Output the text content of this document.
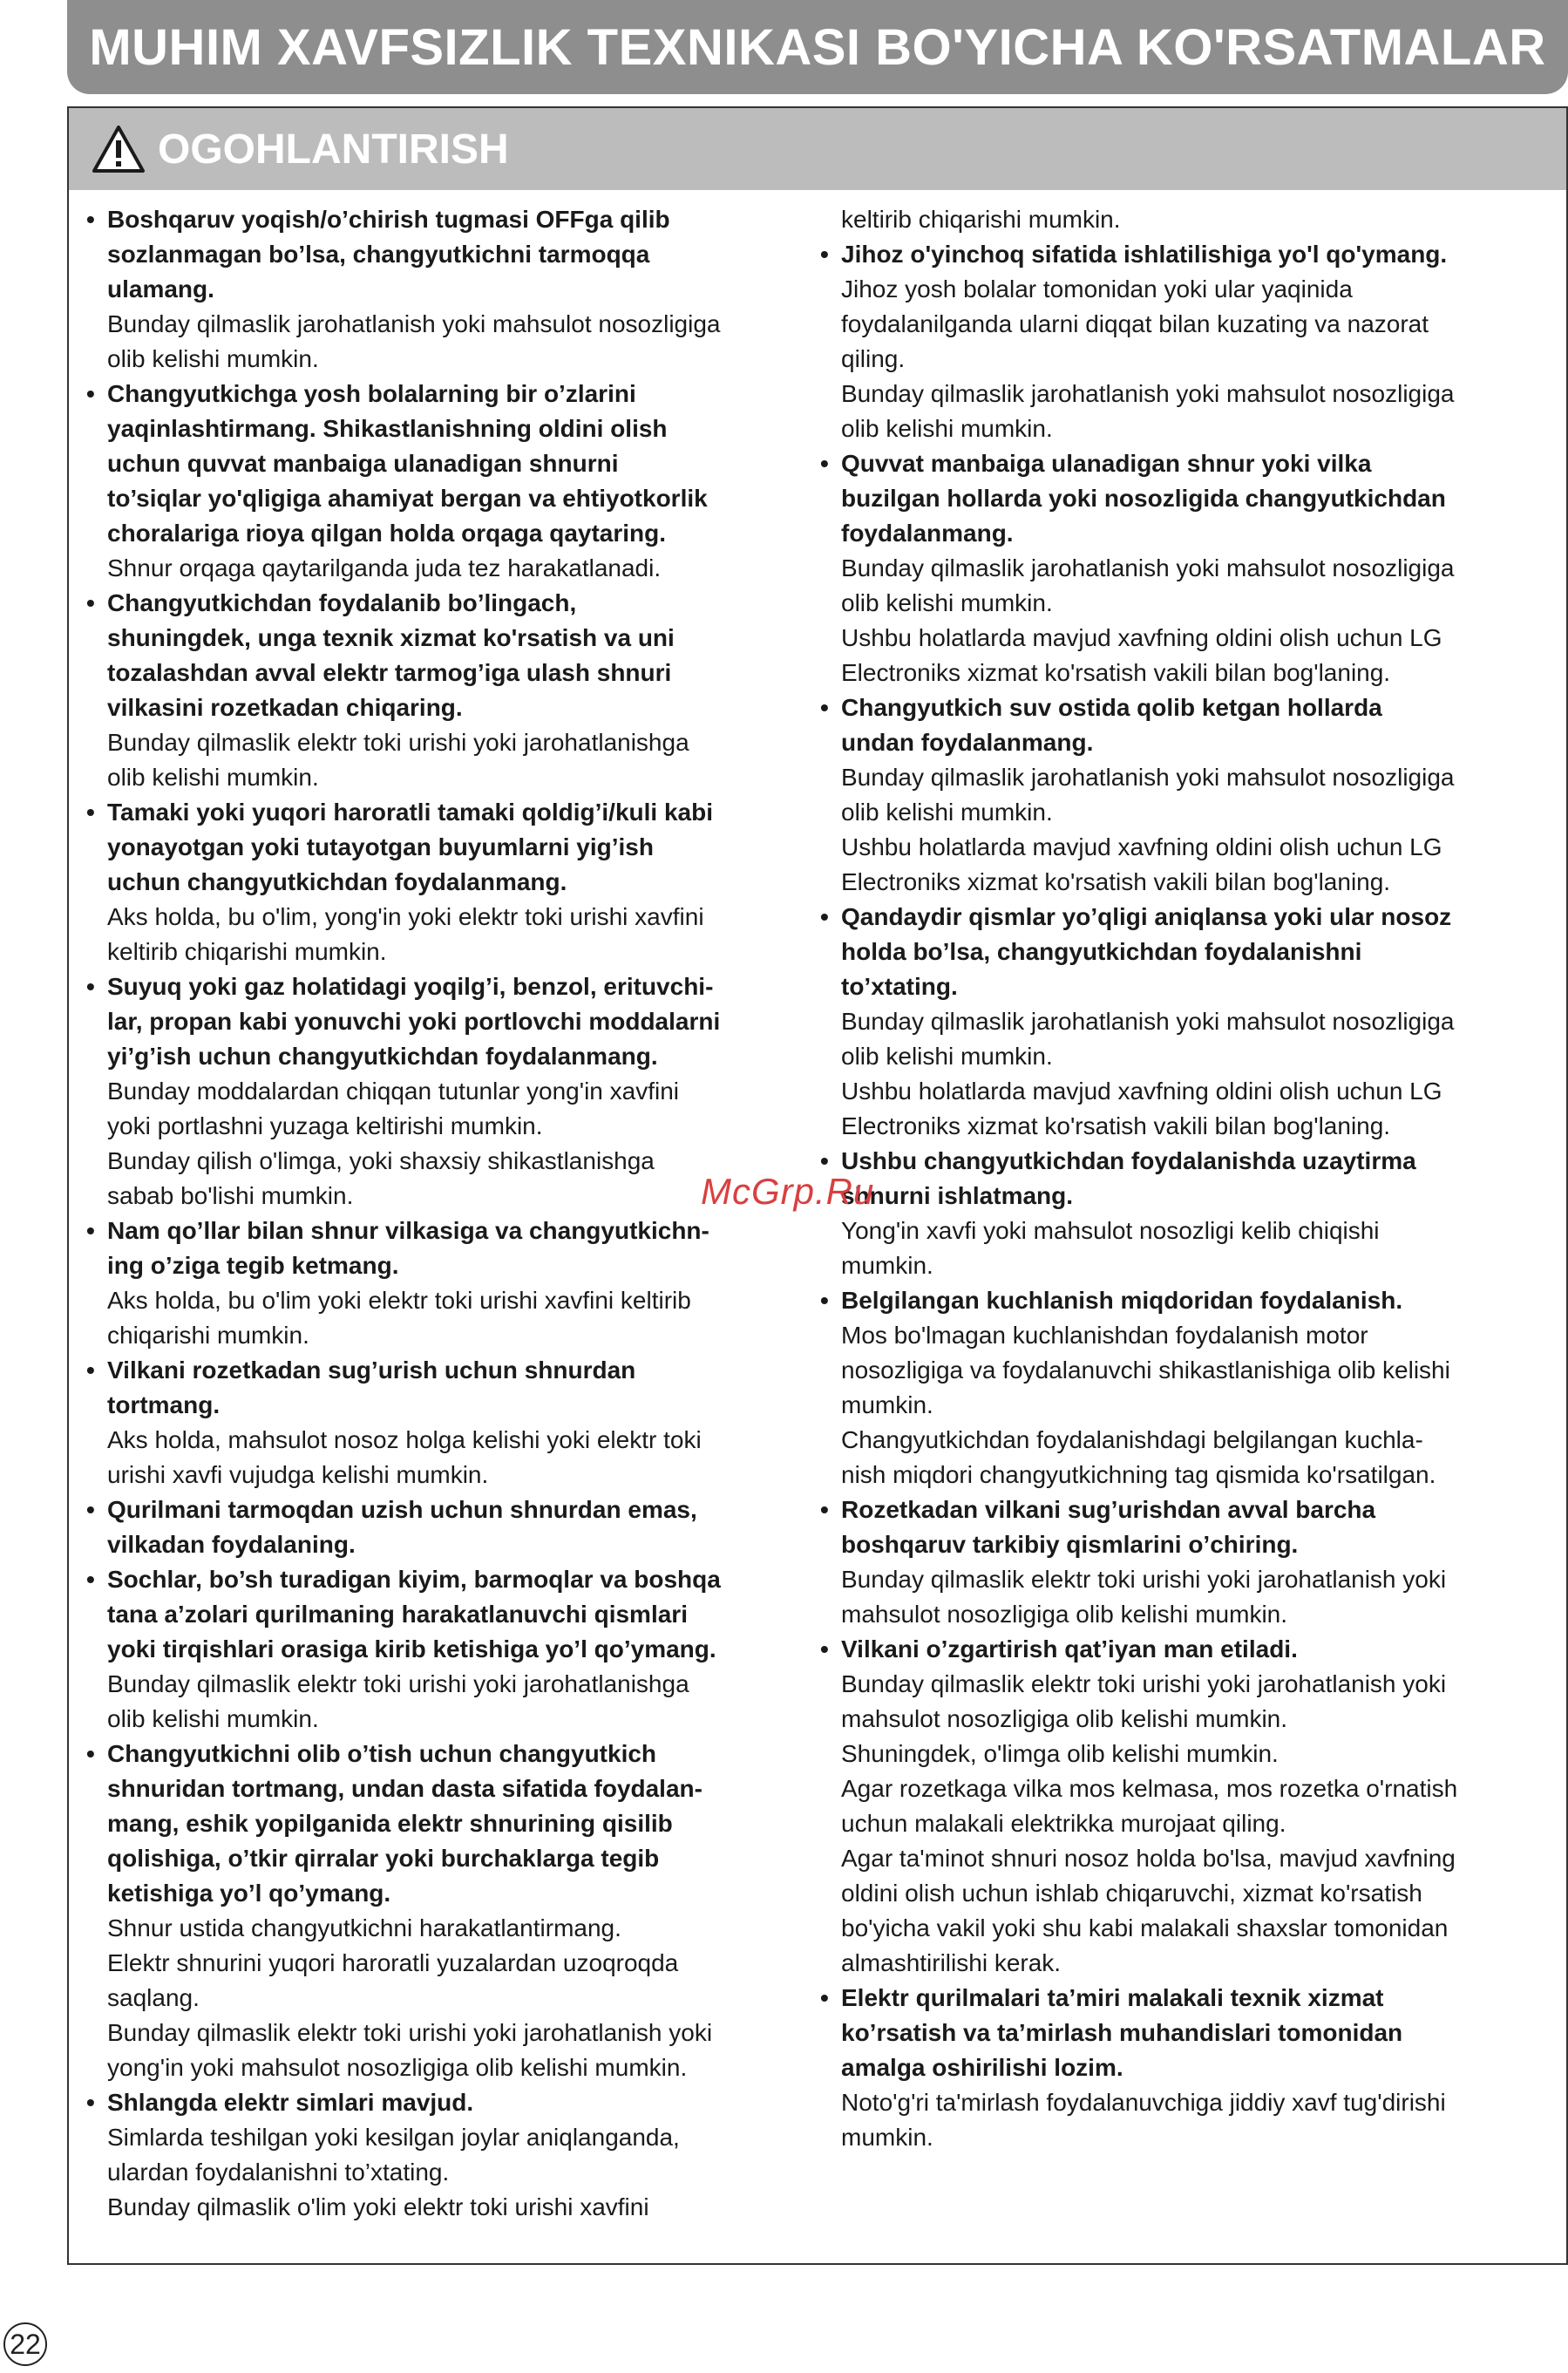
MUHIM XAVFSIZLIK TEXNIKASI BO'YICHA KO'RSATMALAR
OGOHLANTIRISH
• Boshqaruv yoqish/o’chirish tugmasi OFFga qilib
sozlanmagan bo’lsa, changyutkichni tarmoqqa
ulamang.
Bunday qilmaslik jarohatlanish yoki mahsulot nosozligiga
olib kelishi mumkin.
• Changyutkichga yosh bolalarning bir o’zlarini
yaqinlashtirmang. Shikastlanishning oldini olish
uchun quvvat manbaiga ulanadigan shnurni
to’siqlar yo'qligiga ahamiyat bergan va ehtiyotkorlik
choralariga rioya qilgan holda orqaga qaytaring.
Shnur orqaga qaytarilganda juda tez harakatlanadi.
• Changyutkichdan foydalanib bo’lingach,
shuningdek, unga texnik xizmat ko'rsatish va uni
tozalashdan avval elektr tarmog’iga ulash shnuri
vilkasini rozetkadan chiqaring.
Bunday qilmaslik elektr toki urishi yoki jarohatlanishga
olib kelishi mumkin.
• Tamaki yoki yuqori haroratli tamaki qoldig’i/kuli kabi
yonayotgan yoki tutayotgan buyumlarni yig’ish
uchun changyutkichdan foydalanmang.
Aks holda, bu o'lim, yong'in yoki elektr toki urishi xavfini
keltirib chiqarishi mumkin.
• Suyuq yoki gaz holatidagi yoqilg’i, benzol, erituvchi-
lar, propan kabi yonuvchi yoki portlovchi moddalarni
yi’g’ish uchun changyutkichdan foydalanmang.
Bunday moddalardan chiqqan tutunlar yong'in xavfini
yoki portlashni yuzaga keltirishi mumkin.
Bunday qilish o'limga, yoki shaxsiy shikastlanishga
sabab bo'lishi mumkin.
• Nam qo’llar bilan shnur vilkasiga va changyutkichn-
ing o’ziga tegib ketmang.
Aks holda, bu o'lim yoki elektr toki urishi xavfini keltirib
chiqarishi mumkin.
• Vilkani rozetkadan sug’urish uchun shnurdan
tortmang.
Aks holda, mahsulot nosoz holga kelishi yoki elektr toki
urishi xavfi vujudga kelishi mumkin.
• Qurilmani tarmoqdan uzish uchun shnurdan emas,
vilkadan foydalaning.
• Sochlar, bo’sh turadigan kiyim, barmoqlar va boshqa
tana a’zolari qurilmaning harakatlanuvchi qismlari
yoki tirqishlari orasiga kirib ketishiga yo’l qo’ymang.
Bunday qilmaslik elektr toki urishi yoki jarohatlanishga
olib kelishi mumkin.
• Changyutkichni olib o’tish uchun changyutkich
shnuridan tortmang, undan dasta sifatida foydalan-
mang, eshik yopilganida elektr shnurining qisilib
qolishiga, o’tkir qirralar yoki burchaklarga tegib
ketishiga yo’l qo’ymang.
Shnur ustida changyutkichni harakatlantirmang.
Elektr shnurini yuqori haroratli yuzalardan uzoqroqda
saqlang.
Bunday qilmaslik elektr toki urishi yoki jarohatlanish yoki
yong'in yoki mahsulot nosozligiga olib kelishi mumkin.
• Shlangda elektr simlari mavjud.
Simlarda teshilgan yoki kesilgan joylar aniqlanganda,
ulardan foydalanishni to’xtating.
Bunday qilmaslik o'lim yoki elektr toki urishi xavfini
keltirib chiqarishi mumkin.
• Jihoz o'yinchoq sifatida ishlatilishiga yo'l qo'ymang.
Jihoz yosh bolalar tomonidan yoki ular yaqinida
foydalanilganda ularni diqqat bilan kuzating va nazorat
qiling.
Bunday qilmaslik jarohatlanish yoki mahsulot nosozligiga
olib kelishi mumkin.
• Quvvat manbaiga ulanadigan shnur yoki vilka
buzilgan hollarda yoki nosozligida changyutkichdan
foydalanmang.
Bunday qilmaslik jarohatlanish yoki mahsulot nosozligiga
olib kelishi mumkin.
Ushbu holatlarda mavjud xavfning oldini olish uchun LG
Electroniks xizmat ko'rsatish vakili bilan bog'laning.
• Changyutkich suv ostida qolib ketgan hollarda
undan foydalanmang.
Bunday qilmaslik jarohatlanish yoki mahsulot nosozligiga
olib kelishi mumkin.
Ushbu holatlarda mavjud xavfning oldini olish uchun LG
Electroniks xizmat ko'rsatish vakili bilan bog'laning.
• Qandaydir qismlar yo’qligi aniqlansa yoki ular nosoz
holda bo’lsa, changyutkichdan foydalanishni
to’xtating.
Bunday qilmaslik jarohatlanish yoki mahsulot nosozligiga
olib kelishi mumkin.
Ushbu holatlarda mavjud xavfning oldini olish uchun LG
Electroniks xizmat ko'rsatish vakili bilan bog'laning.
• Ushbu changyutkichdan foydalanishda uzaytirma
shnurni ishlatmang.
Yong'in xavfi yoki mahsulot nosozligi kelib chiqishi
mumkin.
• Belgilangan kuchlanish miqdoridan foydalanish.
Mos bo'lmagan kuchlanishdan foydalanish motor
nosozligiga va foydalanuvchi shikastlanishiga olib kelishi
mumkin.
Changyutkichdan foydalanishdagi belgilangan kuchla-
nish miqdori changyutkichning tag qismida ko'rsatilgan.
• Rozetkadan vilkani sug’urishdan avval barcha
boshqaruv tarkibiy qismlarini o’chiring.
Bunday qilmaslik elektr toki urishi yoki jarohatlanish yoki
mahsulot nosozligiga olib kelishi mumkin.
• Vilkani o’zgartirish qat’iyan man etiladi.
Bunday qilmaslik elektr toki urishi yoki jarohatlanish yoki
mahsulot nosozligiga olib kelishi mumkin.
Shuningdek, o'limga olib kelishi mumkin.
Agar rozetkaga vilka mos kelmasa, mos rozetka o'rnatish
uchun malakali elektrikka murojaat qiling.
Agar ta'minot shnuri nosoz holda bo'lsa, mavjud xavfning
oldini olish uchun ishlab chiqaruvchi, xizmat ko'rsatish
bo'yicha vakil yoki shu kabi malakali shaxslar tomonidan
almashtirilishi kerak.
• Elektr qurilmalari ta’miri malakali texnik xizmat
ko’rsatish va ta’mirlash muhandislari tomonidan
amalga oshirilishi lozim.
Noto'g'ri ta'mirlash foydalanuvchiga jiddiy xavf tug'dirishi
mumkin.
McGrp.Ru
22
